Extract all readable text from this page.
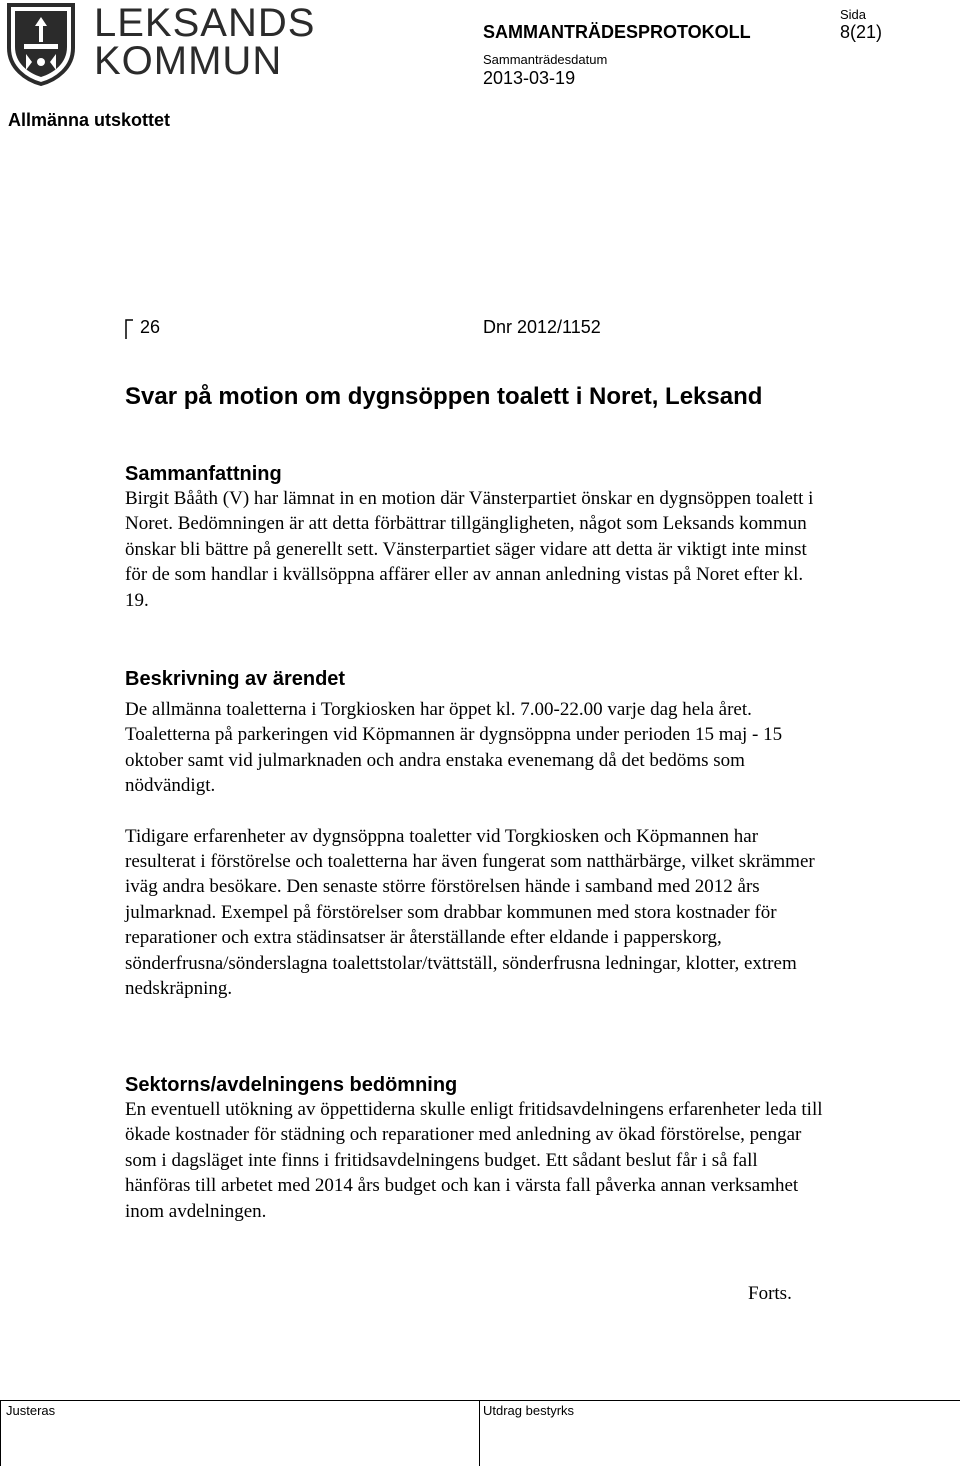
LEKSANDS
KOMMUN
SAMMANTRÄDESPROTOKOLL
Sammanträdesdatum
2013-03-19
Sida
8(21)
Allmänna utskottet
26	Dnr 2012/1152
Svar på motion om dygnsöppen toalett i Noret, Leksand
Sammanfattning

Birgit Bååth (V) har lämnat in en motion där Vänsterpartiet önskar en dygnsöppen toalett i Noret. Bedömningen är att detta förbättrar tillgängligheten, något som Leksands kommun önskar bli bättre på generellt sett. Vänsterpartiet säger vidare att detta är viktigt inte minst för de som handlar i kvällsöppna affärer eller av annan anledning vistas på Noret efter kl. 19.

Beskrivning av ärendet

De allmänna toaletterna i Torgkiosken har öppet kl. 7.00-22.00 varje dag hela året. Toaletterna på parkeringen vid Köpmannen är dygnsöppna under perioden 15 maj - 15 oktober samt vid julmarknaden och andra enstaka evenemang då det bedöms som nödvändigt.

Tidigare erfarenheter av dygnsöppna toaletter vid Torgkiosken och Köpmannen har resulterat i förstörelse och toaletterna har även fungerat som natthärbärge, vilket skrämmer iväg andra besökare. Den senaste större förstörelsen hände i samband med 2012 års julmarknad. Exempel på förstörelser som drabbar kommunen med stora kostnader för reparationer och extra städinsatser är återställande efter eldande i papperskorg, sönderfrusna/sönderslagna toalettstolar/tvättställ, sönderfrusna ledningar, klotter, extrem nedskräpning.

Sektorns/avdelningens bedömning

En eventuell utökning av öppettiderna skulle enligt fritidsavdelningens erfarenheter leda till ökade kostnader för städning och reparationer med anledning av ökad förstörelse, pengar som i dagsläget inte finns i fritidsavdelningens budget. Ett sådant beslut får i så fall hänföras till arbetet med 2014 års budget och kan i värsta fall påverka annan verksamhet inom avdelningen.

Forts.
Justeras	Utdrag bestyrks
